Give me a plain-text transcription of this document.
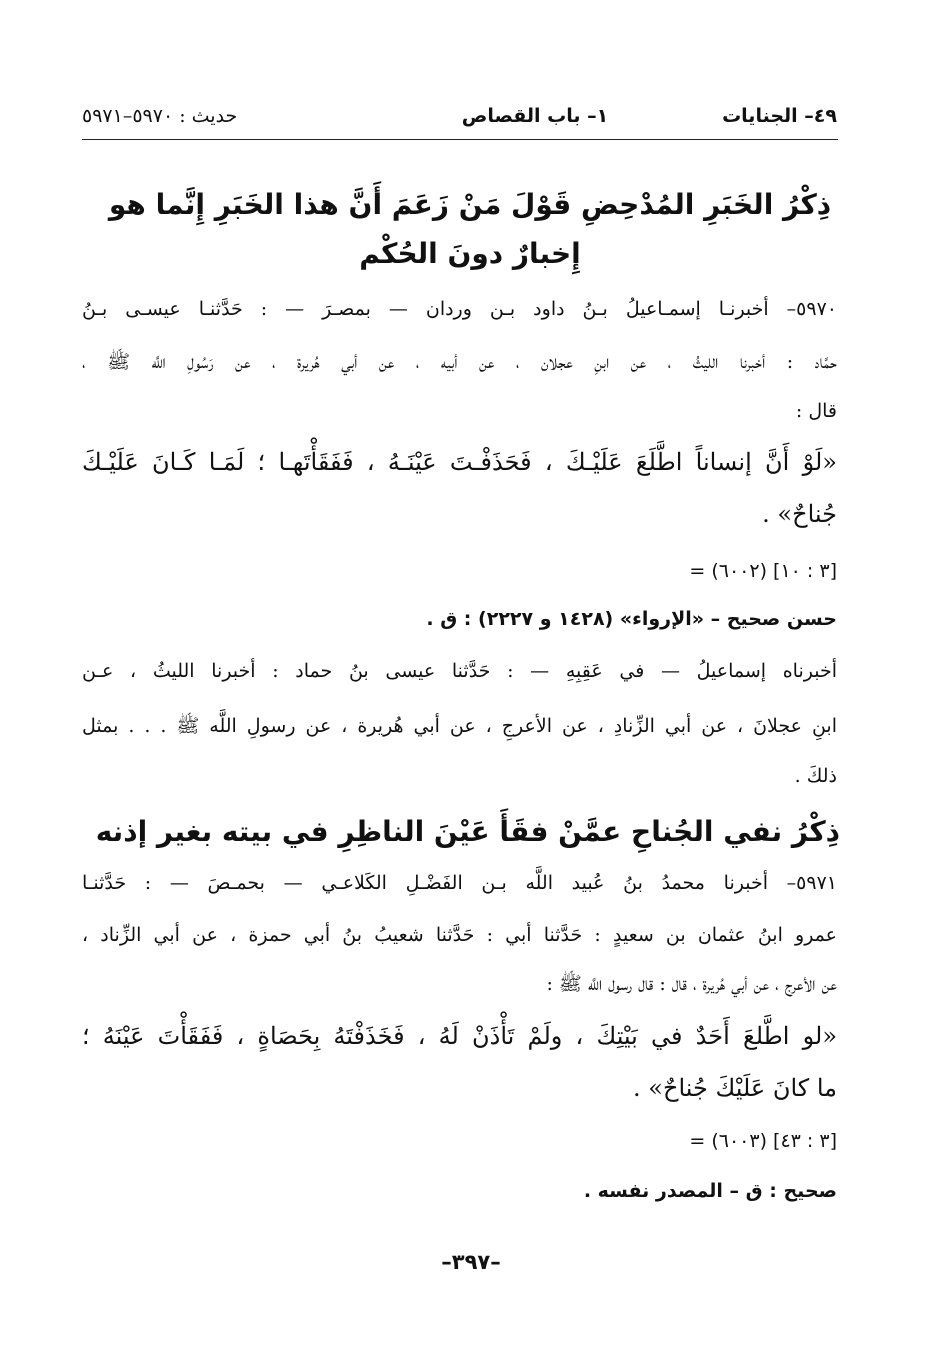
٤٩– الجنايات
١– باب القصاص
حديث : ٥٩٧٠–٥٩٧١
ذِكْرُ الخَبَرِ المُدْحِضِ قَوْلَ مَنْ زَعَمَ أَنَّ هذا الخَبَرِ إِنَّما هو
إِخبارٌ دونَ الحُكْم
٥٩٧٠– أخبرنـا إسمـاعيلُ بـنُ داود بـن وردان — بمصـرَ — : حَدَّثنـا عيسـى بـنُ
حمَّاد : أخبرنا الليثُ ، عن ابنِ عجلان ، عن أبيه ، عن أبي هُريرة ، عن رَسُولِ اللَّه ﷺ ،
قال :
«لَوْ أَنَّ إنساناً اطَّلَعَ عَلَيْـكَ ، فَحَذَفْـتَ عَيْنَـهُ ، فَفَقَأْتَهـا ؛ لَمَـا كَـانَ عَلَيْـكَ
جُناحٌ» .
= (٦٠٠٢) [٣ : ١٠]
حسن صحيح – «الإرواء» (١٤٢٨ و ٢٢٢٧) : ق .
أخبرناه إسماعيلُ — في عَقِبِهِ — : حَدَّثنا عيسى بنُ حماد : أخبرنا الليثُ ، عـن
ابنِ عجلانَ ، عن أبي الزِّنادِ ، عن الأعرجِ ، عن أبي هُريرة ، عن رسولِ اللَّه ﷺ . . . بمثل
ذلكَ .
ذِكْرُ نفي الجُناحِ عمَّنْ فقَأَ عَيْنَ الناظِرِ في بيته بغير إذنه
٥٩٧١– أخبرنا محمدُ بنُ عُبيد اللَّه بـن الفَضْـلِ الكَلاعـي — بحمـصَ — : حَدَّثنـا
عمرو ابنُ عثمان بن سعيدٍ : حَدَّثنا أبي : حَدَّثنا شعيبُ بنُ أبي حمزة ، عن أبي الزِّناد ،
عن الأعرج ، عن أبي هُريرة ، قال : قال رسول اللَّه ﷺ :
«لو اطَّلعَ أَحَدٌ في بَيْتِكَ ، ولَمْ تَأْذَنْ لَهُ ، فَخَذَفْتَهُ بِحَصَاةٍ ، فَفَقَأْتَ عَيْنَهُ ؛
ما كانَ عَلَيْكَ جُناحٌ» .
= (٦٠٠٣) [٣ : ٤٣]
صحيح : ق – المصدر نفسه .
–٣٩٧–
